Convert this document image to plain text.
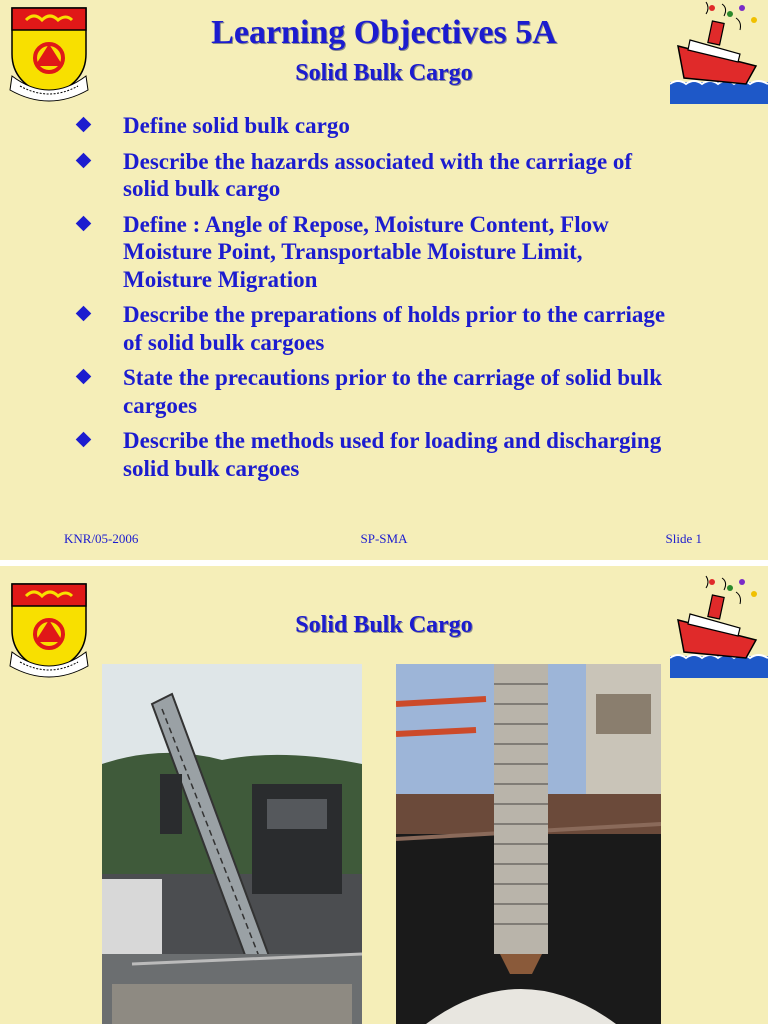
Learning Objectives 5A
Solid Bulk Cargo
Define solid bulk cargo
Describe the hazards associated with the carriage of
solid bulk cargo
Define : Angle of Repose, Moisture Content, Flow
Moisture Point, Transportable Moisture Limit,
Moisture Migration
Describe the preparations of holds prior to the carriage
of solid bulk cargoes
State the precautions prior to the carriage of solid bulk
cargoes
Describe the methods used for loading and discharging
solid bulk cargoes
KNR/05-2006	SP-SMA	Slide 1
Solid Bulk Cargo
